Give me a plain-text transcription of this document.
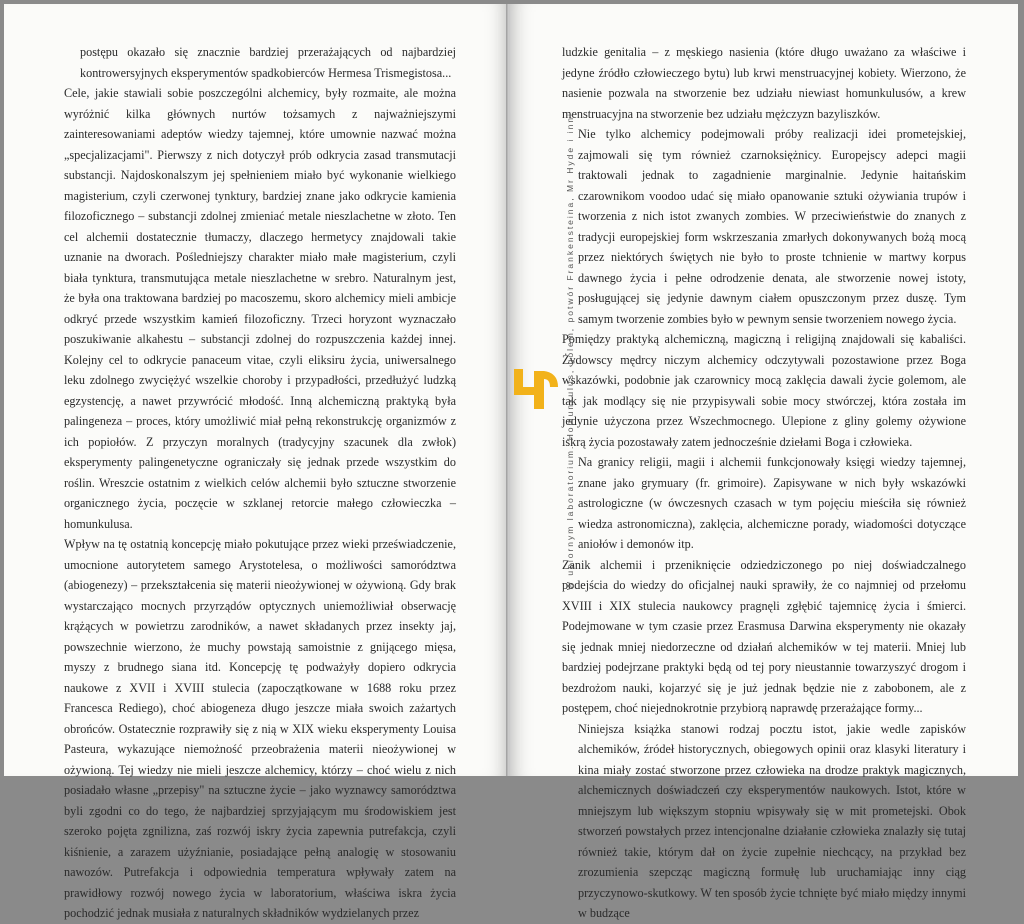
postępu okazało się znacznie bardziej przerażających od najbardziej kontrowersyjnych eksperymentów spadkobierców Hermesa Trismegistosa...

Cele, jakie stawiali sobie poszczególni alchemicy, były rozmaite, ale można wyróżnić kilka głównych nurtów tożsamych z najważniejszymi zainteresowaniami adeptów wiedzy tajemnej, które umownie nazwać można „specjalizacjami". Pierwszy z nich dotyczył prób odkrycia zasad transmutacji substancji. Najdoskonalszym jej spełnieniem miało być wykonanie wielkiego magisterium, czyli czerwonej tynktury, bardziej znane jako odkrycie kamienia filozoficznego – substancji zdolnej zmieniać metale nieszlachetne w złoto. Ten cel alchemii dostatecznie tłumaczy, dlaczego hermetycy znajdowali takie uznanie na dworach. Pośledniejszy charakter miało małe magisterium, czyli biała tynktura, transmutująca metale nieszlachetne w srebro. Naturalnym jest, że była ona traktowana bardziej po macoszemu, skoro alchemicy mieli ambicje odkryć przede wszystkim kamień filozoficzny. Trzeci horyzont wyznaczało poszukiwanie alkahestu – substancji zdolnej do rozpuszczenia każdej innej. Kolejny cel to odkrycie panaceum vitae, czyli eliksiru życia, uniwersalnego leku zdolnego zwyciężyć wszelkie choroby i przypadłości, przedłużyć ludzką egzystencję, a nawet przywrócić młodość. Inną alchemiczną praktyką była palingeneza – proces, który umożliwić miał pełną rekonstrukcję organizmów z ich popiołów. Z przyczyn moralnych (tradycyjny szacunek dla zwłok) eksperymenty palingenetyczne ograniczały się jednak przede wszystkim do roślin. Wreszcie ostatnim z wielkich celów alchemii było sztuczne stworzenie organicznego życia, poczęcie w szklanej retorcie małego człowieczka – homunkulusa.

Wpływ na tę ostatnią koncepcję miało pokutujące przez wieki przeświadczenie, umocnione autorytetem samego Arystotelesa, o możliwości samorództwa (abiogenezy) – przekształcenia się materii nieożywionej w ożywioną. Gdy brak wystarczająco mocnych przyrządów optycznych uniemożliwiał obserwację krążących w powietrzu zarodników, a nawet składanych przez insekty jaj, powszechnie wierzono, że muchy powstają samoistnie z gnijącego mięsa, myszy z brudnego siana itd. Koncepcję tę podważyły dopiero odkrycia naukowe z XVII i XVIII stulecia (zapoczątkowane w 1688 roku przez Francesca Rediego), choć abiogeneza długo jeszcze miała swoich zażartych obrońców. Ostatecznie rozprawiły się z nią w XIX wieku eksperymenty Louisa Pasteura, wykazujące niemożność przeobrażenia materii nieożywionej w ożywioną. Tej wiedzy nie mieli jeszcze alchemicy, którzy – choć wielu z nich posiadało własne „przepisy" na sztuczne życie – jako wyznawcy samorództwa byli zgodni co do tego, że najbardziej sprzyjającym mu środowiskiem jest szeroko pojęta zgnilizna, zaś rozwój iskry życia zapewnia putrefakcja, czyli kiśnienie, a zarazem użyźnianie, posiadające pełną analogię w stosowaniu nawozów. Putrefakcja i odpowiednia temperatura wpływały zatem na prawidłowy rozwój nowego życia w laboratorium, właściwa iskra życia pochodzić jednak musiała z naturalnych składników wydzielanych przez

ludzkie genitalia – z męskiego nasienia (które długo uważano za właściwe i jedyne źródło człowieczego bytu) lub krwi menstruacyjnej kobiety. Wierzono, że nasienie pozwala na stworzenie bez udziału niewiast homunkulusów, a krew menstruacyjna na stworzenie bez udziału mężczyzn bazyliszków.

Nie tylko alchemicy podejmowali próby realizacji idei prometejskiej, zajmowali się tym również czarnoksiężnicy. Europejscy adepci magii traktowali jednak to zagadnienie marginalnie. Jedynie haitańskim czarownikom voodoo udać się miało opanowanie sztuki ożywiania trupów i tworzenia z nich istot zwanych zombies. W przeciwieństwie do znanych z tradycji europejskiej form wskrzeszania zmarłych dokonywanych bożą mocą przez niektórych świętych nie było to proste tchnienie w martwy korpus dawnego życia i pełne odrodzenie denata, ale stworzenie nowej istoty, posługującej się jedynie dawnym ciałem opuszczonym przez duszę. Tym samym tworzenie zombies było w pewnym sensie tworzeniem nowego życia.

Pomiędzy praktyką alchemiczną, magiczną i religijną znajdowali się kabaliści. Żydowscy mędrcy niczym alchemicy odczytywali pozostawione przez Boga wskazówki, podobnie jak czarownicy mocą zaklęcia dawali życie golemom, ale tak jak modlący się nie przypisywali sobie mocy stwórczej, która została im jedynie użyczona przez Wszechmocnego. Ulepione z gliny golemy ożywione iskrą życia pozostawały zatem jednocześnie dziełami Boga i człowieka.

Na granicy religii, magii i alchemii funkcjonowały księgi wiedzy tajemnej, znane jako grymuary (fr. grimoire). Zapisywane w nich były wskazówki astrologiczne (w ówczesnych czasach w tym pojęciu mieściła się również wiedza astronomiczna), zaklęcia, alchemiczne porady, wiadomości dotyczące aniołów i demonów itp.

Zanik alchemii i przeniknięcie odziedziczonego po niej doświadczalnego podejścia do wiedzy do oficjalnej nauki sprawiły, że co najmniej od przełomu XVIII i XIX stulecia naukowcy pragnęli zgłębić tajemnicę życia i śmierci. Podejmowane w tym czasie przez Erasmusa Darwina eksperymenty nie okazały się jednak mniej niedorzeczne od działań alchemików w tej materii. Mniej lub bardziej podejrzane praktyki będą od tej pory nieustannie towarzyszyć drogom i bezdrożom nauki, kojarzyć się je już jednak będzie nie z zabobonem, ale z postępem, choć niejednokrotnie przybiorą naprawdę przerażające formy...

Niniejsza książka stanowi rodzaj pocztu istot, jakie wedle zapisków alchemików, źródeł historycznych, obiegowych opinii oraz klasyki literatury i kina miały zostać stworzone przez człowieka na drodze praktyk magicznych, alchemicznych doświadczeń czy eksperymentów naukowych. Istot, które w mniejszym lub większym stopniu wpisywały się w mit prometejski. Obok stworzeń powstałych przez intencjonalne działanie człowieka znalazły się tutaj również takie, którym dał on życie zupełnie niechcący, na przykład bez zrozumienia szepcząc magiczną formułę lub uruchamiając inny ciąg przyczynowo-skutkowy. W ten sposób życie tchnięte być miało między innymi w budzące

W upiornym laboratorium. Homunkulus, golem, potwór Frankensteina, Mr Hyde i inni
